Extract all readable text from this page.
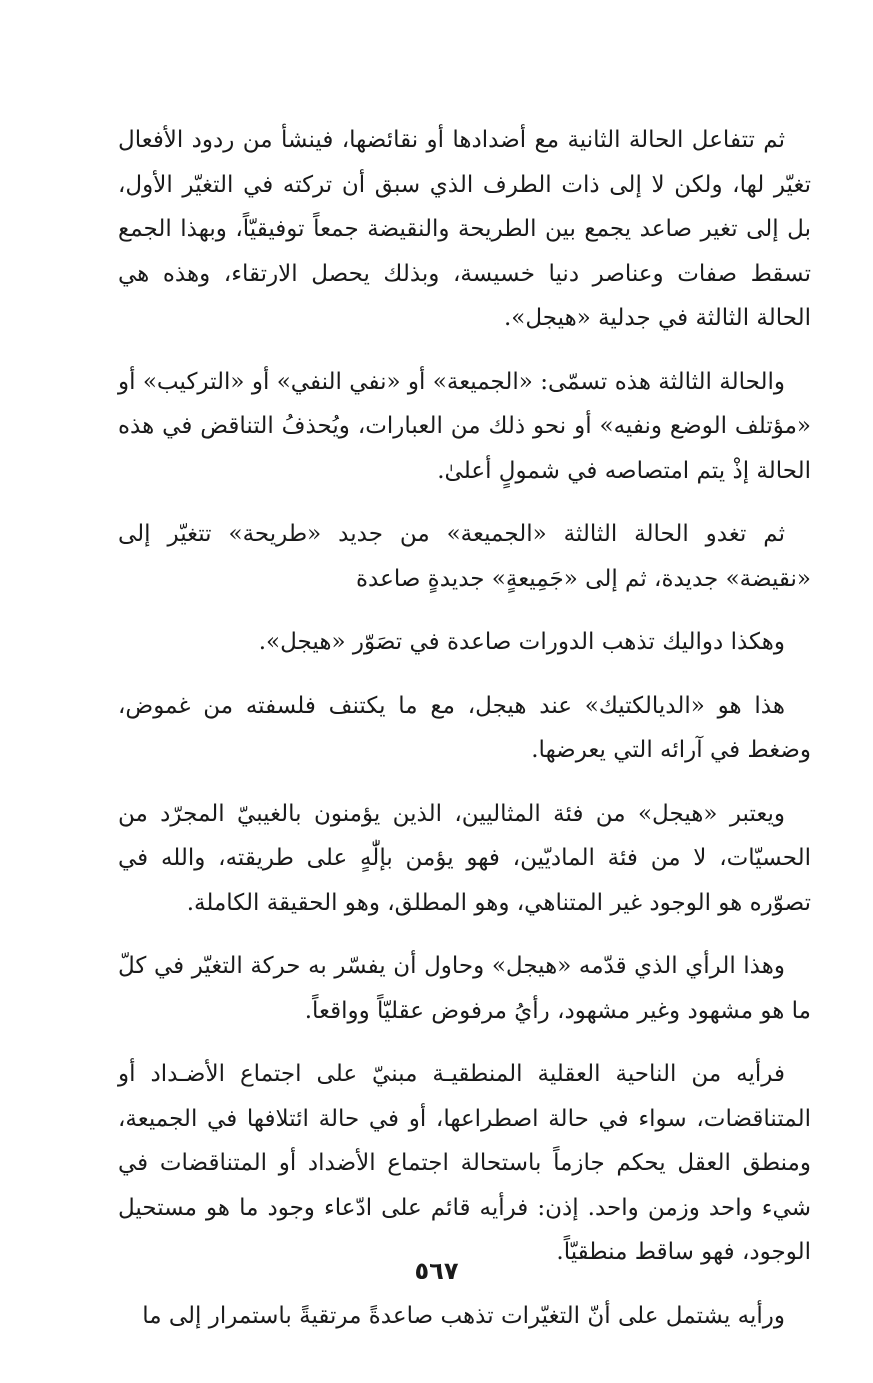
ثم تتفاعل الحالة الثانية مع أضدادها أو نقائضها، فينشأ من ردود الأفعال تغيّر لها، ولكن لا إلى ذات الطرف الذي سبق أن تركته في التغيّر الأول، بل إلى تغير صاعد يجمع بين الطريحة والنقيضة جمعاً توفيقيّاً، وبهذا الجمع تسقط صفات وعناصر دنيا خسيسة، وبذلك يحصل الارتقاء، وهذه هي الحالة الثالثة في جدلية «هيجل».

والحالة الثالثة هذه تسمّى: «الجميعة» أو «نفي النفي» أو «التركيب» أو «مؤتلف الوضع ونفيه» أو نحو ذلك من العبارات، ويُحذفُ التناقض في هذه الحالة إذْ يتم امتصاصه في شمولٍ أعلىٰ.

ثم تغدو الحالة الثالثة «الجميعة» من جديد «طريحة» تتغيّر إلى «نقيضة» جديدة، ثم إلى «جَمِيعةٍ» جديدةٍ صاعدة

وهكذا دواليك تذهب الدورات صاعدة في تصَوّر «هيجل».

هذا هو «الديالكتيك» عند هيجل، مع ما يكتنف فلسفته من غموض، وضغط في آرائه التي يعرضها.

ويعتبر «هيجل» من فئة المثاليين، الذين يؤمنون بالغيبيّ المجرّد من الحسيّات، لا من فئة الماديّين، فهو يؤمن بإلّٰهٍ على طريقته، والله في تصوّره هو الوجود غير المتناهي، وهو المطلق، وهو الحقيقة الكاملة.

وهذا الرأي الذي قدّمه «هيجل» وحاول أن يفسّر به حركة التغيّر في كلّ ما هو مشهود وغير مشهود، رأيُ مرفوض عقليّاً وواقعاً.

فرأيه من الناحية العقلية المنطقيـة مبنيّ على اجتماع الأضـداد أو المتناقضات، سواء في حالة اصطراعها، أو في حالة ائتلافها في الجميعة، ومنطق العقل يحكم جازماً باستحالة اجتماع الأضداد أو المتناقضات في شيء واحد وزمن واحد. إذن: فرأيه قائم على ادّعاء وجود ما هو مستحيل الوجود، فهو ساقط منطقيّاً.

ورأيه يشتمل على أنّ التغيّرات تذهب صاعدةً مرتقيةً باستمرار إلى ما

٥٦٧
